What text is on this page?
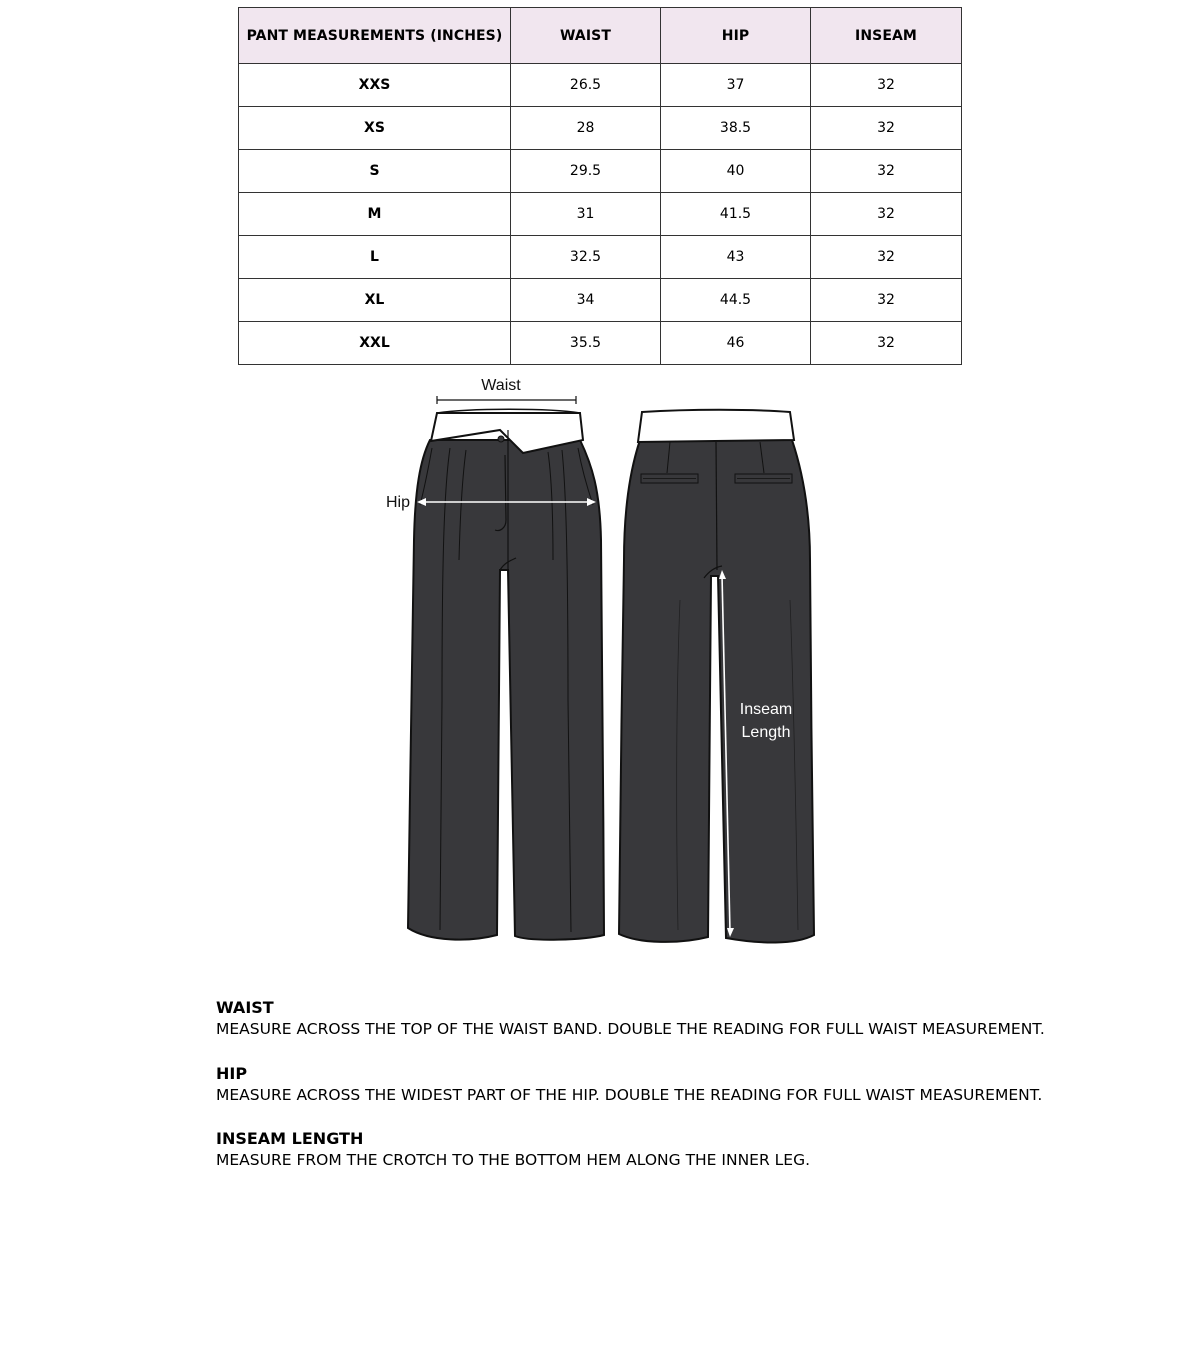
PANT MEASUREMENTS (INCHES)	WAIST	HIP	INSEAM
XXS	26.5	37	32
XS	28	38.5	32
S	29.5	40	32
M	31	41.5	32
L	32.5	43	32
XL	34	44.5	32
XXL	35.5	46	32
Waist
Hip
Inseam
Length
WAIST
MEASURE ACROSS THE TOP OF THE WAIST BAND. DOUBLE THE READING FOR FULL WAIST MEASUREMENT.
HIP
MEASURE ACROSS THE WIDEST PART OF THE HIP. DOUBLE THE READING FOR FULL WAIST MEASUREMENT.
INSEAM LENGTH
MEASURE FROM THE CROTCH TO THE BOTTOM HEM ALONG THE INNER LEG.
